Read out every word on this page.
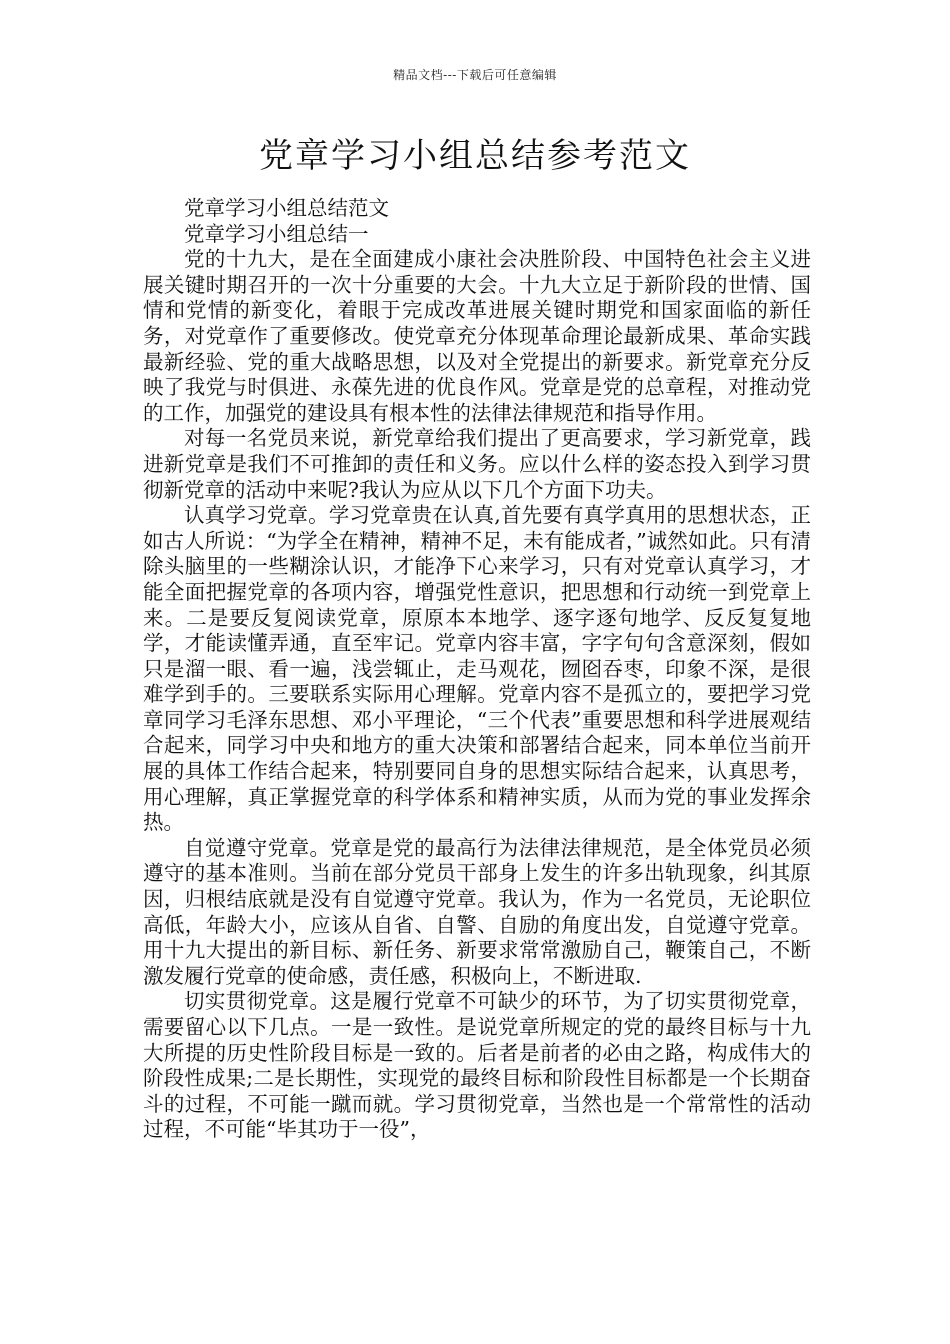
精品文档---下载后可任意编辑
党章学习小组总结参考范文

党章学习小组总结范文

党章学习小组总结一

党的十九大，是在全面建成小康社会决胜阶段、中国特色社会主义进展关键时期召开的一次十分重要的大会。十九大立足于新阶段的世情、国情和党情的新变化，着眼于完成改革进展关键时期党和国家面临的新任务，对党章作了重要修改。使党章充分体现革命理论最新成果、革命实践最新经验、党的重大战略思想，以及对全党提出的新要求。新党章充分反映了我党与时俱进、永葆先进的优良作风。党章是党的总章程，对推动党的工作，加强党的建设具有根本性的法律法律规范和指导作用。

对每一名党员来说，新党章给我们提出了更高要求，学习新党章，践进新党章是我们不可推卸的责任和义务。应以什么样的姿态投入到学习贯彻新党章的活动中来呢?我认为应从以下几个方面下功夫。

认真学习党章。学习党章贵在认真,首先要有真学真用的思想状态，正如古人所说：“为学全在精神，精神不足，未有能成者，”诚然如此。只有清除头脑里的一些糊涂认识，才能净下心来学习，只有对党章认真学习，才能全面把握党章的各项内容，增强党性意识，把思想和行动统一到党章上来。二是要反复阅读党章，原原本本地学、逐字逐句地学、反反复复地学，才能读懂弄通，直至牢记。党章内容丰富，字字句句含意深刻，假如只是溜一眼、看一遍，浅尝辄止，走马观花，囫囵吞枣，印象不深，是很难学到手的。三要联系实际用心理解。党章内容不是孤立的，要把学习党章同学习毛泽东思想、邓小平理论，“三个代表”重要思想和科学进展观结合起来，同学习中央和地方的重大决策和部署结合起来，同本单位当前开展的具体工作结合起来，特别要同自身的思想实际结合起来，认真思考，用心理解，真正掌握党章的科学体系和精神实质，从而为党的事业发挥余热。

自觉遵守党章。党章是党的最高行为法律法律规范，是全体党员必须遵守的基本准则。当前在部分党员干部身上发生的许多出轨现象，纠其原因，归根结底就是没有自觉遵守党章。我认为，作为一名党员，无论职位高低，年龄大小，应该从自省、自警、自励的角度出发，自觉遵守党章。用十九大提出的新目标、新任务、新要求常常激励自己，鞭策自己，不断激发履行党章的使命感，责任感，积极向上，不断进取.

切实贯彻党章。这是履行党章不可缺少的环节，为了切实贯彻党章，需要留心以下几点。一是一致性。是说党章所规定的党的最终目标与十九大所提的历史性阶段目标是一致的。后者是前者的必由之路，构成伟大的阶段性成果;二是长期性，实现党的最终目标和阶段性目标都是一个长期奋斗的过程，不可能一蹴而就。学习贯彻党章，当然也是一个常常性的活动过程，不可能“毕其功于一役”，
